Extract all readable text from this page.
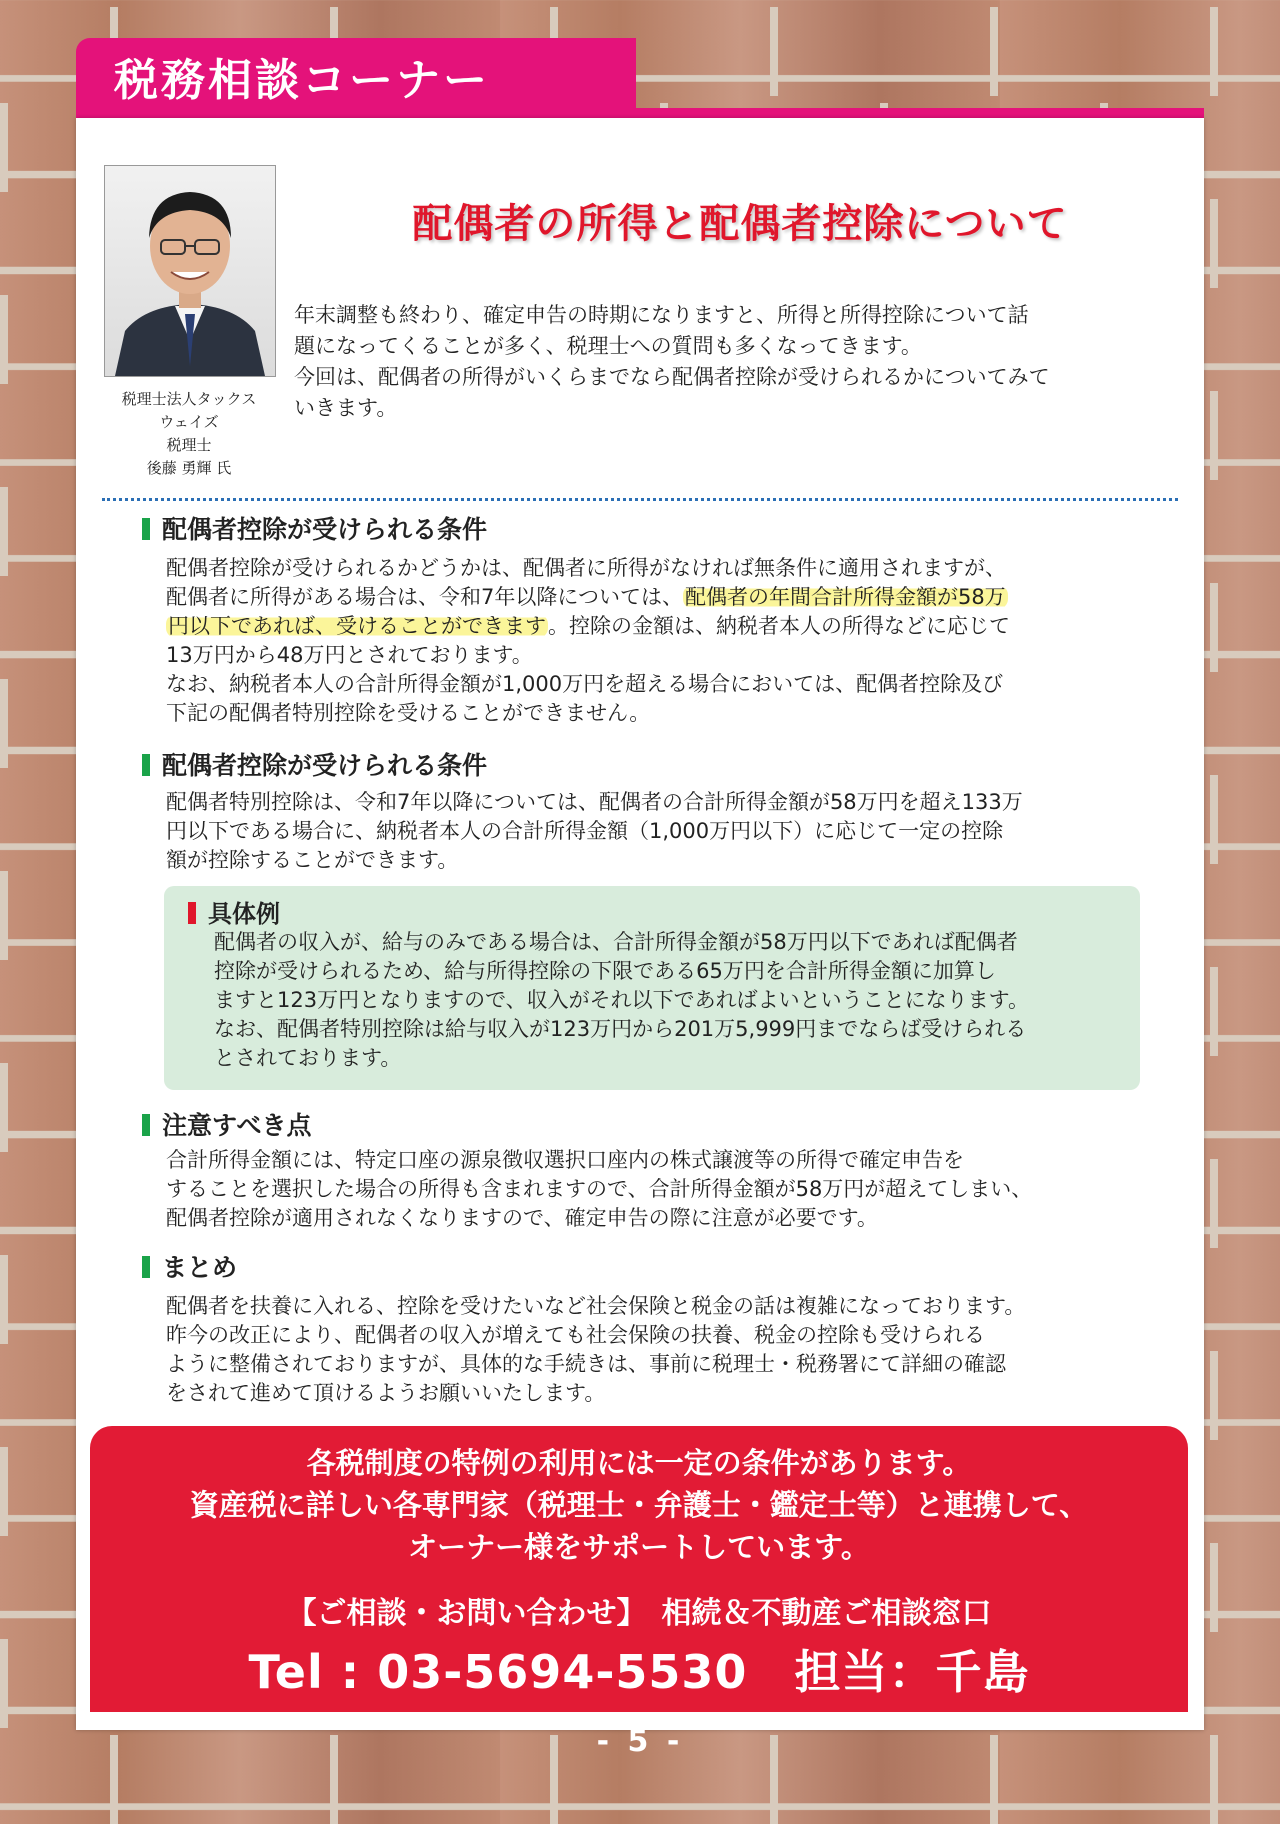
税務相談コーナー
税理士法人タックス
ウェイズ
税理士
後藤 勇輝 氏
配偶者の所得と配偶者控除について
年末調整も終わり、確定申告の時期になりますと、所得と所得控除について話
題になってくることが多く、税理士への質問も多くなってきます。
今回は、配偶者の所得がいくらまでなら配偶者控除が受けられるかについてみて
いきます。
配偶者控除が受けられる条件
配偶者控除が受けられるかどうかは、配偶者に所得がなければ無条件に適用されますが、
配偶者に所得がある場合は、令和7年以降については、配偶者の年間合計所得金額が58万
円以下であれば、受けることができます。控除の金額は、納税者本人の所得などに応じて
13万円から48万円とされております。
なお、納税者本人の合計所得金額が1,000万円を超える場合においては、配偶者控除及び
下記の配偶者特別控除を受けることができません。
配偶者控除が受けられる条件
配偶者特別控除は、令和7年以降については、配偶者の合計所得金額が58万円を超え133万
円以下である場合に、納税者本人の合計所得金額（1,000万円以下）に応じて一定の控除
額が控除することができます。
具体例
配偶者の収入が、給与のみである場合は、合計所得金額が58万円以下であれば配偶者
控除が受けられるため、給与所得控除の下限である65万円を合計所得金額に加算し
ますと123万円となりますので、収入がそれ以下であればよいということになります。
なお、配偶者特別控除は給与収入が123万円から201万5,999円までならば受けられる
とされております。
注意すべき点
合計所得金額には、特定口座の源泉徴収選択口座内の株式譲渡等の所得で確定申告を
することを選択した場合の所得も含まれますので、合計所得金額が58万円が超えてしまい、
配偶者控除が適用されなくなりますので、確定申告の際に注意が必要です。
まとめ
配偶者を扶養に入れる、控除を受けたいなど社会保険と税金の話は複雑になっております。
昨今の改正により、配偶者の収入が増えても社会保険の扶養、税金の控除も受けられる
ように整備されておりますが、具体的な手続きは、事前に税理士・税務署にて詳細の確認
をされて進めて頂けるようお願いいたします。
各税制度の特例の利用には一定の条件があります。
資産税に詳しい各専門家（税理士・弁護士・鑑定士等）と連携して、
オーナー様をサポートしています。
【ご相談・お問い合わせ】　相続＆不動産ご相談窓口
Tel : 03-5694-5530　担当：千島
- 5 -
